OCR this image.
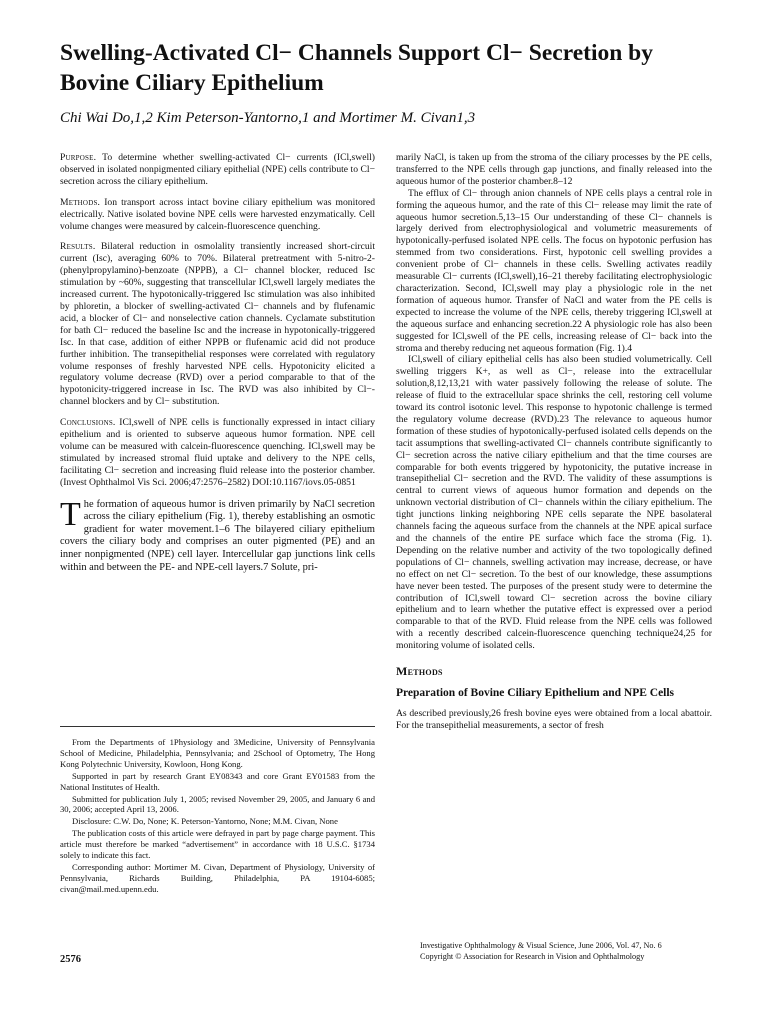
Swelling-Activated Cl− Channels Support Cl− Secretion by Bovine Ciliary Epithelium

Chi Wai Do,1,2 Kim Peterson-Yantorno,1 and Mortimer M. Civan1,3

Purpose. To determine whether swelling-activated Cl− currents (ICl,swell) observed in isolated nonpigmented ciliary epithelial (NPE) cells contribute to Cl− secretion across the ciliary epithelium.

Methods. Ion transport across intact bovine ciliary epithelium was monitored electrically. Native isolated bovine NPE cells were harvested enzymatically. Cell volume changes were measured by calcein-fluorescence quenching.

Results. Bilateral reduction in osmolality transiently increased short-circuit current (Isc), averaging 60% to 70%. Bilateral pretreatment with 5-nitro-2-(phenylpropylamino)-benzoate (NPPB), a Cl− channel blocker, reduced Isc stimulation by ~60%, suggesting that transcellular ICl,swell largely mediates the increased current. The hypotonically-triggered Isc stimulation was also inhibited by phloretin, a blocker of swelling-activated Cl− channels and by flufenamic acid, a blocker of Cl− and nonselective cation channels. Cyclamate substitution for bath Cl− reduced the baseline Isc and the increase in hypotonically-triggered Isc. In that case, addition of either NPPB or flufenamic acid did not produce further inhibition. The transepithelial responses were correlated with regulatory volume responses of freshly harvested NPE cells. Hypotonicity elicited a regulatory volume decrease (RVD) over a period comparable to that of the hypotonicity-triggered increase in Isc. The RVD was also inhibited by Cl−-channel blockers and by Cl− substitution.

Conclusions. ICl,swell of NPE cells is functionally expressed in intact ciliary epithelium and is oriented to subserve aqueous humor formation. NPE cell volume can be measured with calcein-fluorescence quenching. ICl,swell may be stimulated by increased stromal fluid uptake and delivery to the NPE cells, facilitating Cl− secretion and increasing fluid release into the posterior chamber. (Invest Ophthalmol Vis Sci. 2006;47:2576–2582) DOI:10.1167/iovs.05-0851

The formation of aqueous humor is driven primarily by NaCl secretion across the ciliary epithelium (Fig. 1), thereby establishing an osmotic gradient for water movement.1–6 The bilayered ciliary epithelium covers the ciliary body and comprises an outer pigmented (PE) and an inner nonpigmented (NPE) cell layer. Intercellular gap junctions link cells within and between the PE- and NPE-cell layers.7 Solute, pri-

From the Departments of 1Physiology and 3Medicine, University of Pennsylvania School of Medicine, Philadelphia, Pennsylvania; and 2School of Optometry, The Hong Kong Polytechnic University, Kowloon, Hong Kong.

Supported in part by research Grant EY08343 and core Grant EY01583 from the National Institutes of Health.

Submitted for publication July 1, 2005; revised November 29, 2005, and January 6 and 30, 2006; accepted April 13, 2006.

Disclosure: C.W. Do, None; K. Peterson-Yantorno, None; M.M. Civan, None

The publication costs of this article were defrayed in part by page charge payment. This article must therefore be marked “advertisement” in accordance with 18 U.S.C. §1734 solely to indicate this fact.

Corresponding author: Mortimer M. Civan, Department of Physiology, University of Pennsylvania, Richards Building, Philadelphia, PA 19104-6085; civan@mail.med.upenn.edu.

marily NaCl, is taken up from the stroma of the ciliary processes by the PE cells, transferred to the NPE cells through gap junctions, and finally released into the aqueous humor of the posterior chamber.8–12

The efflux of Cl− through anion channels of NPE cells plays a central role in forming the aqueous humor, and the rate of this Cl− release may limit the rate of aqueous humor secretion.5,13–15 Our understanding of these Cl− channels is largely derived from electrophysiological and volumetric measurements of hypotonically-perfused isolated NPE cells. The focus on hypotonic perfusion has stemmed from two considerations. First, hypotonic cell swelling provides a convenient probe of Cl− channels in these cells. Swelling activates readily measurable Cl− currents (ICl,swell),16–21 thereby facilitating electrophysiologic characterization. Second, ICl,swell may play a physiologic role in the net formation of aqueous humor. Transfer of NaCl and water from the PE cells is expected to increase the volume of the NPE cells, thereby triggering ICl,swell at the aqueous surface and enhancing secretion.22 A physiologic role has also been suggested for ICl,swell of the PE cells, increasing release of Cl− back into the stroma and thereby reducing net aqueous formation (Fig. 1).4

ICl,swell of ciliary epithelial cells has also been studied volumetrically. Cell swelling triggers K+, as well as Cl−, release into the extracellular solution,8,12,13,21 with water passively following the release of solute. The release of fluid to the extracellular space shrinks the cell, restoring cell volume toward its control isotonic level. This response to hypotonic challenge is termed the regulatory volume decrease (RVD).23 The relevance to aqueous humor formation of these studies of hypotonically-perfused isolated cells depends on the tacit assumptions that swelling-activated Cl− channels contribute significantly to Cl− secretion across the native ciliary epithelium and that the time courses are comparable for both events triggered by hypotonicity, the putative increase in transepithelial Cl− secretion and the RVD. The validity of these assumptions is central to current views of aqueous humor formation and depends on the unknown vectorial distribution of Cl− channels within the ciliary epithelium. The tight junctions linking neighboring NPE cells separate the NPE basolateral channels facing the aqueous surface from the channels at the NPE apical surface and the channels of the entire PE surface which face the stroma (Fig. 1). Depending on the relative number and activity of the two topologically defined populations of Cl− channels, swelling activation may increase, decrease, or have no effect on net Cl− secretion. To the best of our knowledge, these assumptions have never been tested. The purposes of the present study were to determine the contribution of ICl,swell toward Cl− secretion across the bovine ciliary epithelium and to learn whether the putative effect is expressed over a period comparable to that of the RVD. Fluid release from the NPE cells was followed with a recently described calcein-fluorescence quenching technique24,25 for monitoring volume of isolated cells.

Methods
Preparation of Bovine Ciliary Epithelium and NPE Cells

As described previously,26 fresh bovine eyes were obtained from a local abattoir. For the transepithelial measurements, a sector of fresh

2576
Investigative Ophthalmology & Visual Science, June 2006, Vol. 47, No. 6
Copyright © Association for Research in Vision and Ophthalmology
